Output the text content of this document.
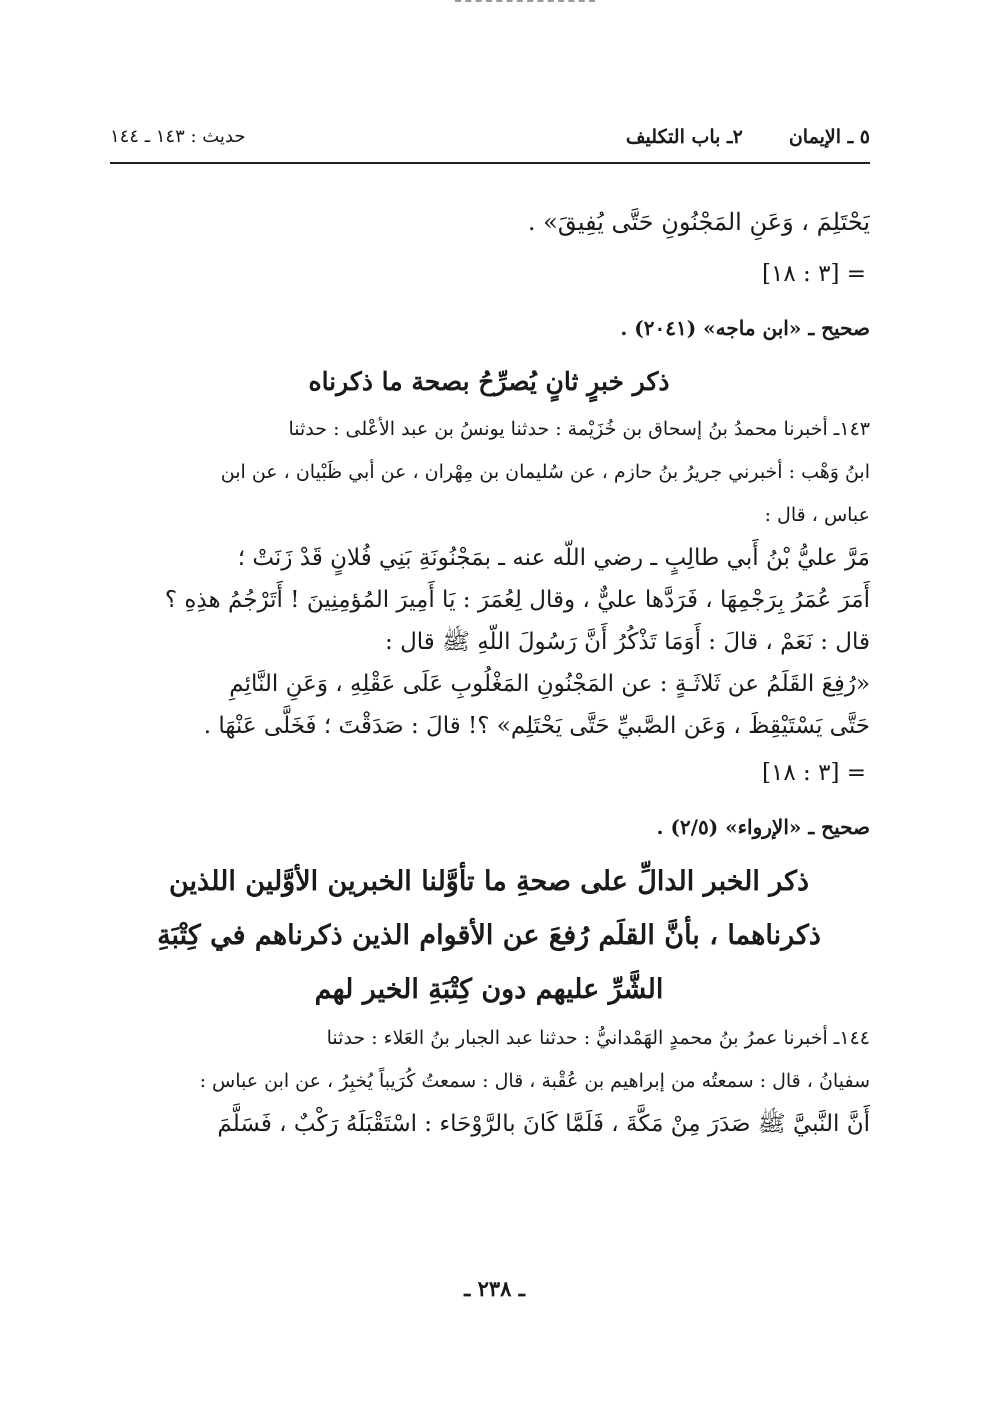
٥ ـ الإيمان
٢ـ باب التكليف
حديث : ١٤٣ ـ ١٤٤
يَحْتَلِمَ ، وَعَنِ المَجْنُونِ حَتَّى يُفِيقَ» .
= [٣ : ١٨]
صحيح ـ «ابن ماجه» (٢٠٤١) .
ذكر خبرٍ ثانٍ يُصرِّحُ بصحة ما ذكرناه
١٤٣ـ أخبرنا محمدُ بنُ إسحاق بن خُزَيْمة : حدثنا يونسُ بن عبد الأعْلى : حدثنا
ابنُ وَهْب : أخبرني جريرُ بنُ حازم ، عن سُليمان بن مِهْران ، عن أبي ظَبْيان ، عن ابن
عباس ، قال :
مَرَّ عليُّ بْنُ أَبي طالِبٍ ـ رضي اللّه عنه ـ بمَجْنُونَةِ بَنِي فُلانٍ قَدْ زَنَتْ ؛
أَمَرَ عُمَرُ بِرَجْمِهَا ، فَرَدَّها عليٌّ ، وقال لِعُمَرَ : يَا أَمِيرَ المُؤمِنِينَ ! أَتَرْجُمُ هذِهِ ؟
قال : نَعَمْ ، قالَ : أَوَمَا تَذْكُرُ أَنَّ رَسُولَ اللّهِ ﷺ قال :
«رُفِعَ القَلَمُ عن ثَلاثَـةٍ : عن المَجْنُونِ المَغْلُوبِ عَلَى عَقْلِهِ ، وَعَنِ النَّائِمِ
حَتَّى يَسْتَيْقِظَ ، وَعَن الصَّبيِّ حَتَّى يَحْتَلِم» ؟! قالَ : صَدَقْتَ ؛ فَخَلَّى عَنْهَا .
= [٣ : ١٨]
صحيح ـ «الإرواء» (٢/٥) .
ذكر الخبر الدالِّ على صحةِ ما تأوَّلنا الخبرين الأوَّلين اللذين
ذكرناهما ، بأنَّ القلَم رُفعَ عن الأقوام الذين ذكرناهم في كِتْبَةِ
الشَّرِّ عليهم دون كِتْبَةِ الخير لهم
١٤٤ـ أخبرنا عمرُ بنُ محمدٍ الهَمْدانيُّ : حدثنا عبد الجبار بنُ العَلاء : حدثنا
سفيانُ ، قال : سمعتُه من إبراهيم بن عُقْبة ، قال : سمعتُ كُرَيباً يُخبِرُ ، عن ابن عباس :
أَنَّ النَّبيَّ ﷺ صَدَرَ مِنْ مَكَّةَ ، فَلَمَّا كَانَ بالرَّوْحَاء : اسْتَقْبَلَهُ رَكْبٌ ، فَسَلَّمَ
ـ ٢٣٨ ـ
